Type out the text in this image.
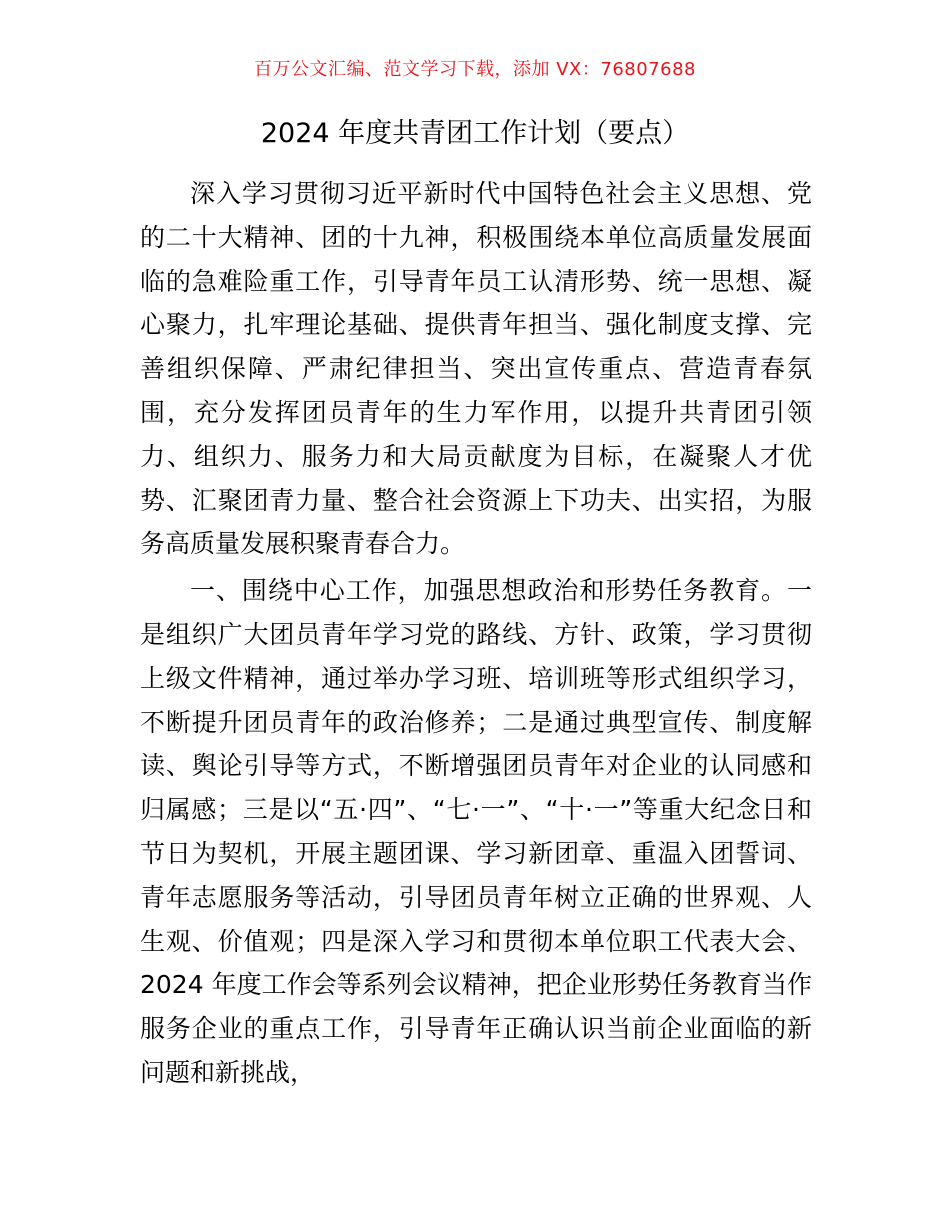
百万公文汇编、范文学习下载，添加 VX：76807688
2024 年度共青团工作计划（要点）

深入学习贯彻习近平新时代中国特色社会主义思想、党的二十大精神、团的十九神，积极围绕本单位高质量发展面临的急难险重工作，引导青年员工认清形势、统一思想、凝心聚力，扎牢理论基础、提供青年担当、强化制度支撑、完善组织保障、严肃纪律担当、突出宣传重点、营造青春氛围，充分发挥团员青年的生力军作用，以提升共青团引领力、组织力、服务力和大局贡献度为目标，在凝聚人才优势、汇聚团青力量、整合社会资源上下功夫、出实招，为服务高质量发展积聚青春合力。

一、围绕中心工作，加强思想政治和形势任务教育。一是组织广大团员青年学习党的路线、方针、政策，学习贯彻上级文件精神，通过举办学习班、培训班等形式组织学习，不断提升团员青年的政治修养；二是通过典型宣传、制度解读、舆论引导等方式，不断增强团员青年对企业的认同感和归属感；三是以“五·四”、“七·一”、“十·一”等重大纪念日和节日为契机，开展主题团课、学习新团章、重温入团誓词、青年志愿服务等活动，引导团员青年树立正确的世界观、人生观、价值观；四是深入学习和贯彻本单位职工代表大会、2024 年度工作会等系列会议精神，把企业形势任务教育当作服务企业的重点工作，引导青年正确认识当前企业面临的新问题和新挑战，
